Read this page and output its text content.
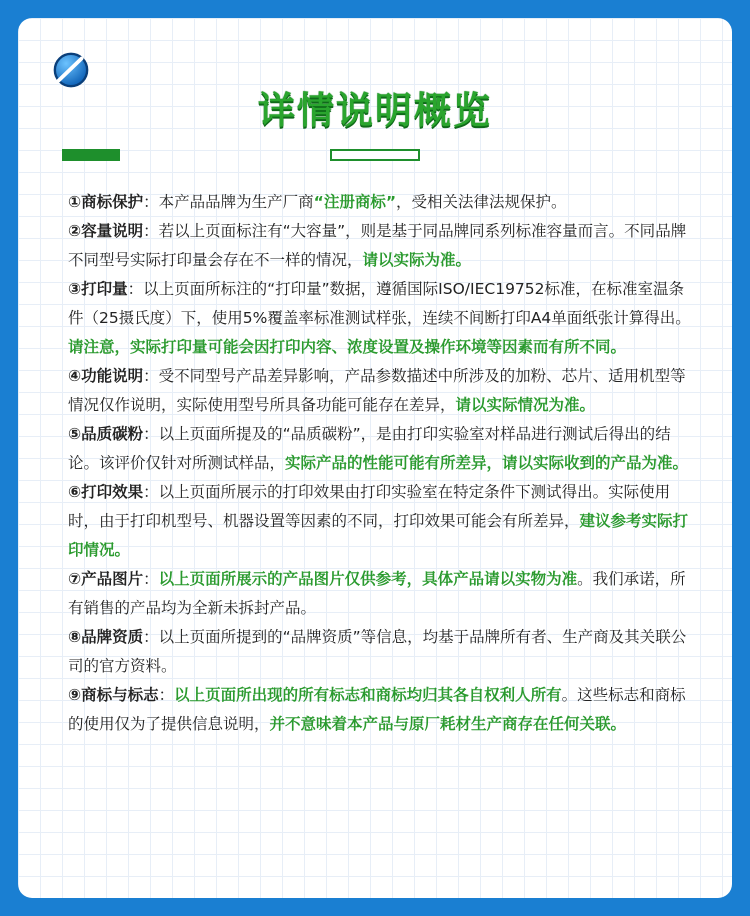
详情说明概览

①商标保护：本产品品牌为生产厂商“注册商标”，受相关法律法规保护。

②容量说明：若以上页面标注有“大容量”，则是基于同品牌同系列标准容量而言。不同品牌不同型号实际打印量会存在不一样的情况，请以实际为准。

③打印量：以上页面所标注的“打印量”数据，遵循国际ISO/IEC19752标准，在标准室温条件（25摄氏度）下，使用5%覆盖率标准测试样张，连续不间断打印A4单面纸张计算得出。请注意，实际打印量可能会因打印内容、浓度设置及操作环境等因素而有所不同。

④功能说明：受不同型号产品差异影响，产品参数描述中所涉及的加粉、芯片、适用机型等情况仅作说明，实际使用型号所具备功能可能存在差异，请以实际情况为准。

⑤品质碳粉：以上页面所提及的“品质碳粉”，是由打印实验室对样品进行测试后得出的结论。该评价仅针对所测试样品，实际产品的性能可能有所差异，请以实际收到的产品为准。

⑥打印效果：以上页面所展示的打印效果由打印实验室在特定条件下测试得出。实际使用时，由于打印机型号、机器设置等因素的不同，打印效果可能会有所差异，建议参考实际打印情况。

⑦产品图片：以上页面所展示的产品图片仅供参考，具体产品请以实物为准。我们承诺，所有销售的产品均为全新未拆封产品。

⑧品牌资质：以上页面所提到的“品牌资质”等信息，均基于品牌所有者、生产商及其关联公司的官方资料。

⑨商标与标志：以上页面所出现的所有标志和商标均归其各自权利人所有。这些标志和商标的使用仅为了提供信息说明，并不意味着本产品与原厂耗材生产商存在任何关联。
